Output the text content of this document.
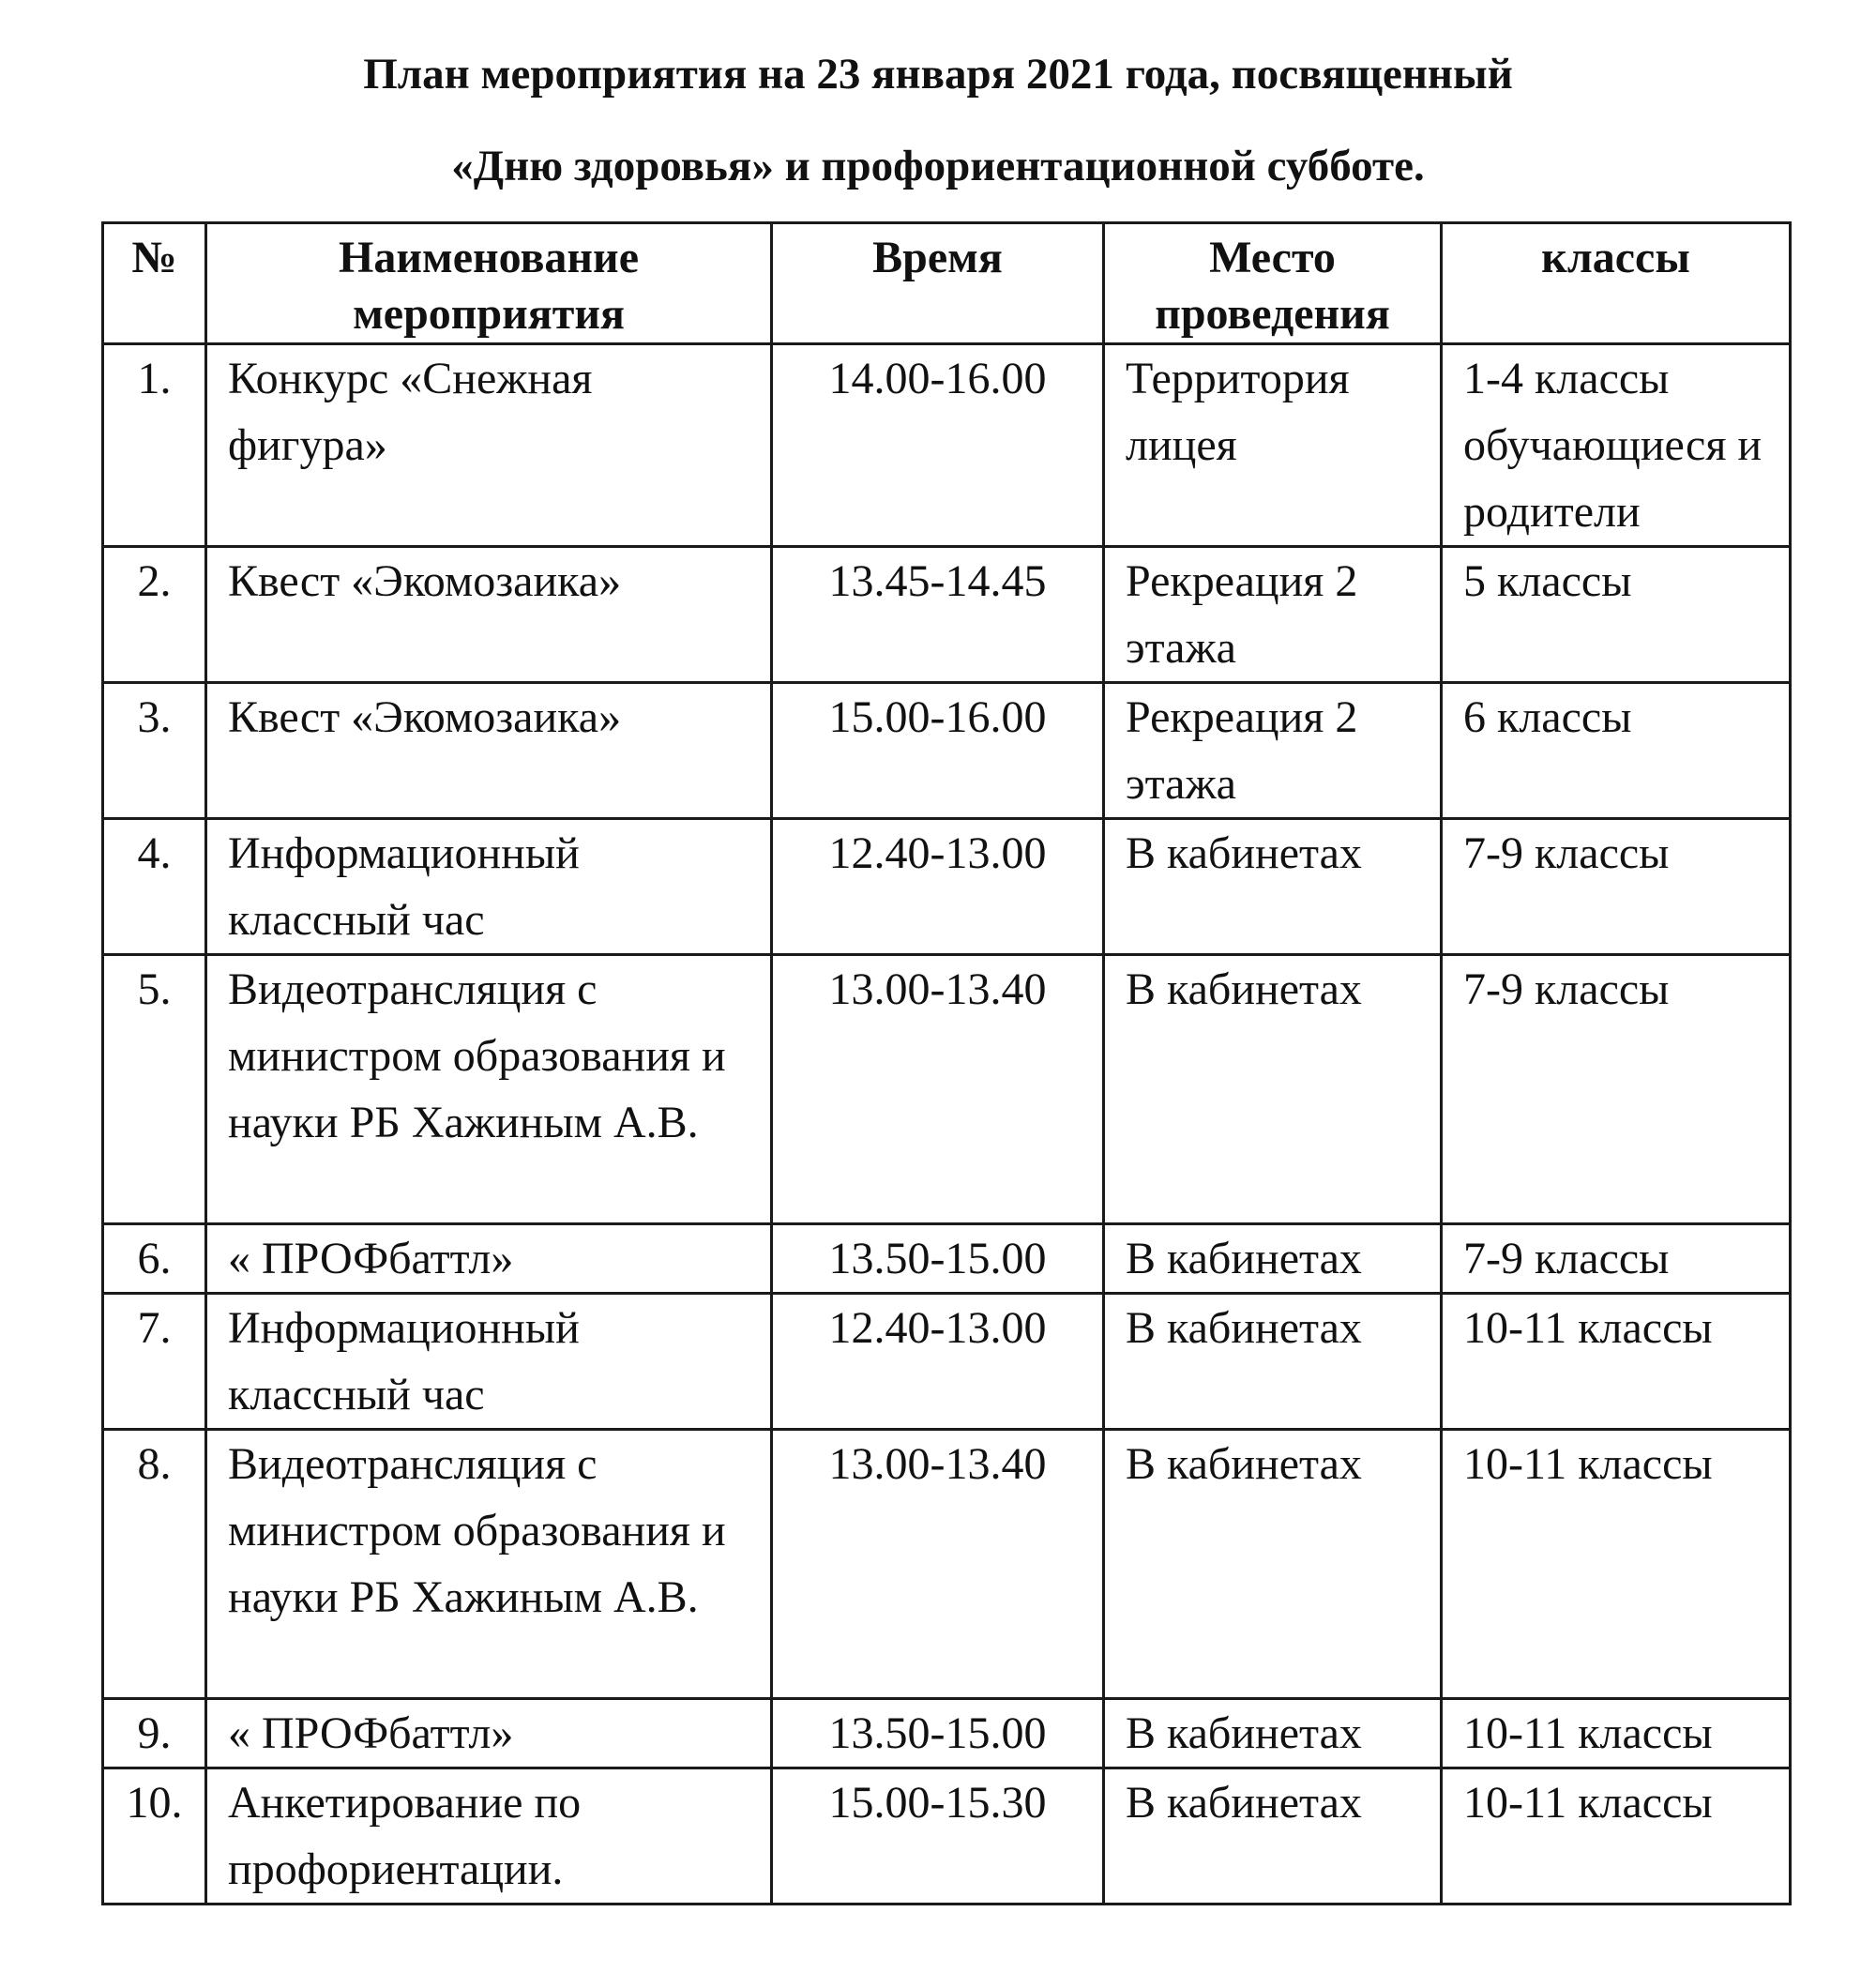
План мероприятия на 23 января 2021 года, посвященный
«Дню здоровья» и профориентационной субботе.
№	Наименование мероприятия	Время	Место проведения	классы
1.	Конкурс «Снежная фигура»	14.00-16.00	Территория лицея	1-4 классы обучающиеся и родители
2.	Квест «Экомозаика»	13.45-14.45	Рекреация 2 этажа	5 классы
3.	Квест «Экомозаика»	15.00-16.00	Рекреация 2 этажа	6 классы
4.	Информационный классный час	12.40-13.00	В кабинетах	7-9 классы
5.	Видеотрансляция с министром образования и науки РБ Хажиным А.В.	13.00-13.40	В кабинетах	7-9 классы
6.	« ПРОФбаттл»	13.50-15.00	В кабинетах	7-9 классы
7.	Информационный классный час	12.40-13.00	В кабинетах	10-11 классы
8.	Видеотрансляция с министром образования и науки РБ Хажиным А.В.	13.00-13.40	В кабинетах	10-11 классы
9.	« ПРОФбаттл»	13.50-15.00	В кабинетах	10-11 классы
10.	Анкетирование по профориентации.	15.00-15.30	В кабинетах	10-11 классы
